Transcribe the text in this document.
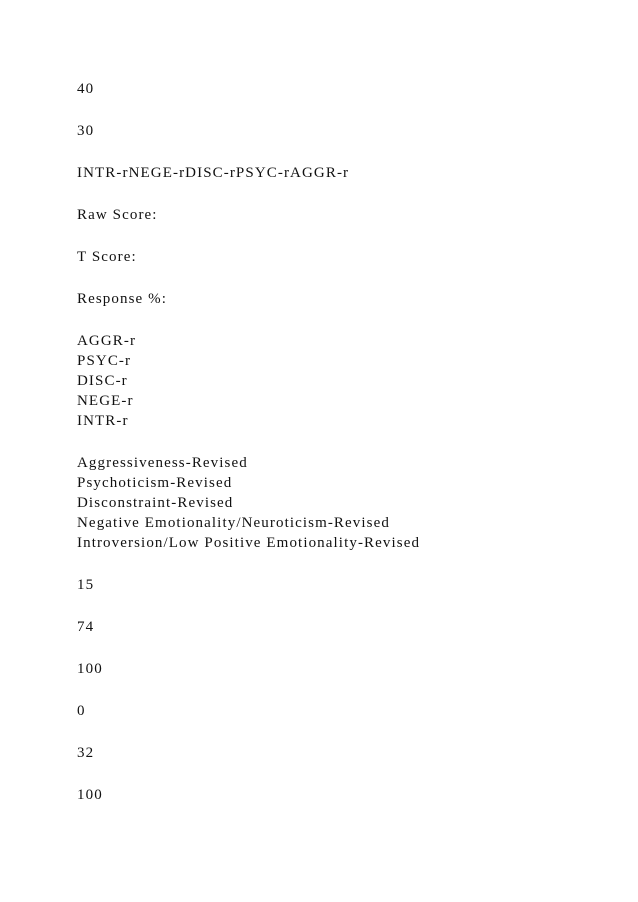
40
30
INTR-rNEGE-rDISC-rPSYC-rAGGR-r
Raw Score:
T Score:
Response %:
AGGR-r
PSYC-r
DISC-r
NEGE-r
INTR-r
Aggressiveness-Revised
Psychoticism-Revised
Disconstraint-Revised
Negative Emotionality/Neuroticism-Revised
Introversion/Low Positive Emotionality-Revised
15
74
100
0
32
100
